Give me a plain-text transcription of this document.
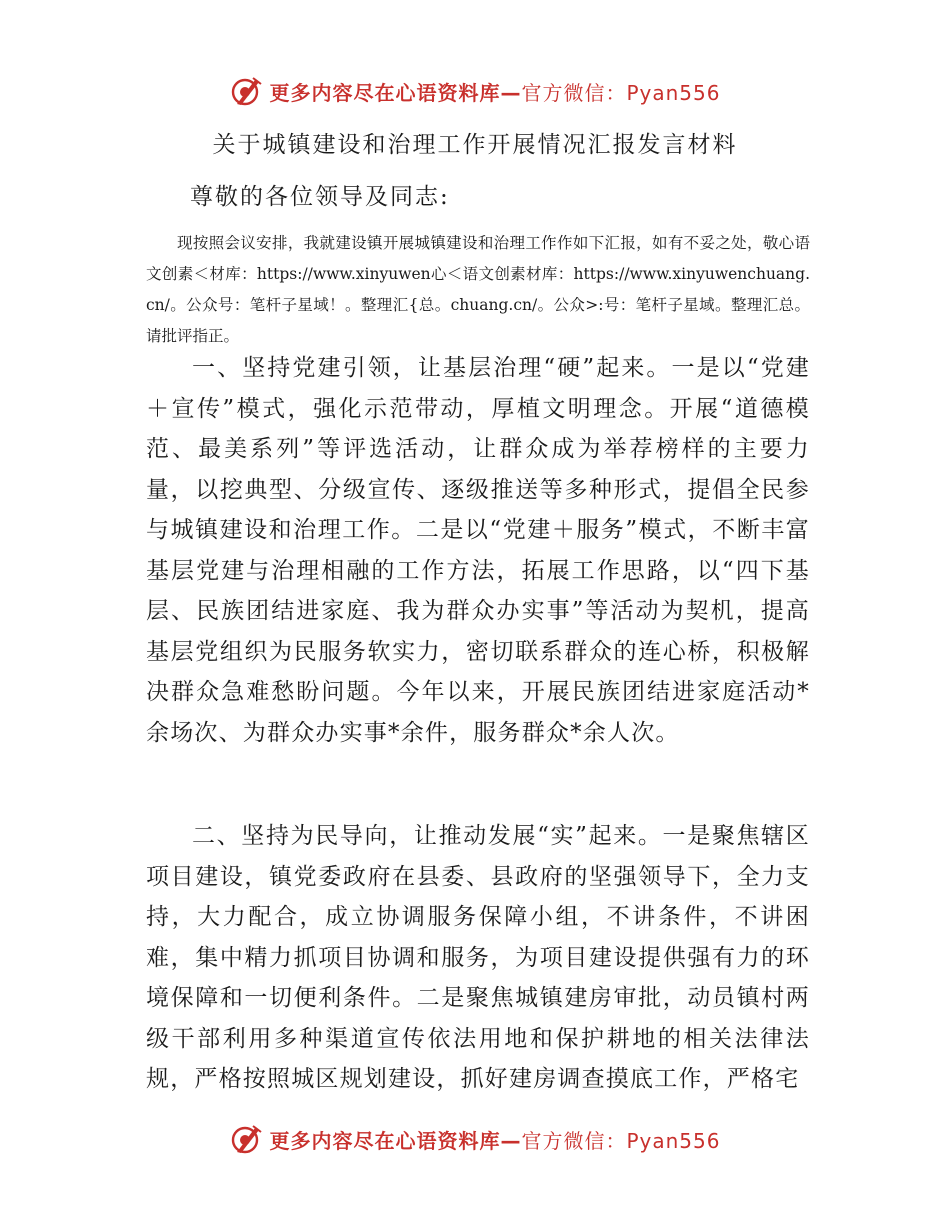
更多内容尽在心语资料库—官方微信：Pyan556
关于城镇建设和治理工作开展情况汇报发言材料
尊敬的各位领导及同志:

现按照会议安排，我就建设镇开展城镇建设和治理工作作如下汇报，如有不妥之处，敬心语文创素＜材库：https://www.xinyuwen心＜语文创素材库：https://www.xinyuwenchuang.cn/。公众号：笔杆子星域！。整理汇{总。chuang.cn/。公众>:号：笔杆子星域。整理汇总。请批评指正。

一、坚持党建引领，让基层治理“硬”起来。一是以“党建＋宣传”模式，强化示范带动，厚植文明理念。开展“道德模范、最美系列”等评选活动，让群众成为举荐榜样的主要力量，以挖典型、分级宣传、逐级推送等多种形式，提倡全民参与城镇建设和治理工作。二是以“党建＋服务”模式，不断丰富基层党建与治理相融的工作方法，拓展工作思路，以“四下基层、民族团结进家庭、我为群众办实事”等活动为契机，提高基层党组织为民服务软实力，密切联系群众的连心桥，积极解决群众急难愁盼问题。今年以来，开展民族团结进家庭活动*余场次、为群众办实事*余件，服务群众*余人次。

二、坚持为民导向，让推动发展“实”起来。一是聚焦辖区项目建设，镇党委政府在县委、县政府的坚强领导下，全力支持，大力配合，成立协调服务保障小组，不讲条件，不讲困难，集中精力抓项目协调和服务，为项目建设提供强有力的环境保障和一切便利条件。二是聚焦城镇建房审批，动员镇村两级干部利用多种渠道宣传依法用地和保护耕地的相关法律法规，严格按照城区规划建设，抓好建房调查摸底工作，严格宅

更多内容尽在心语资料库—官方微信：Pyan556
